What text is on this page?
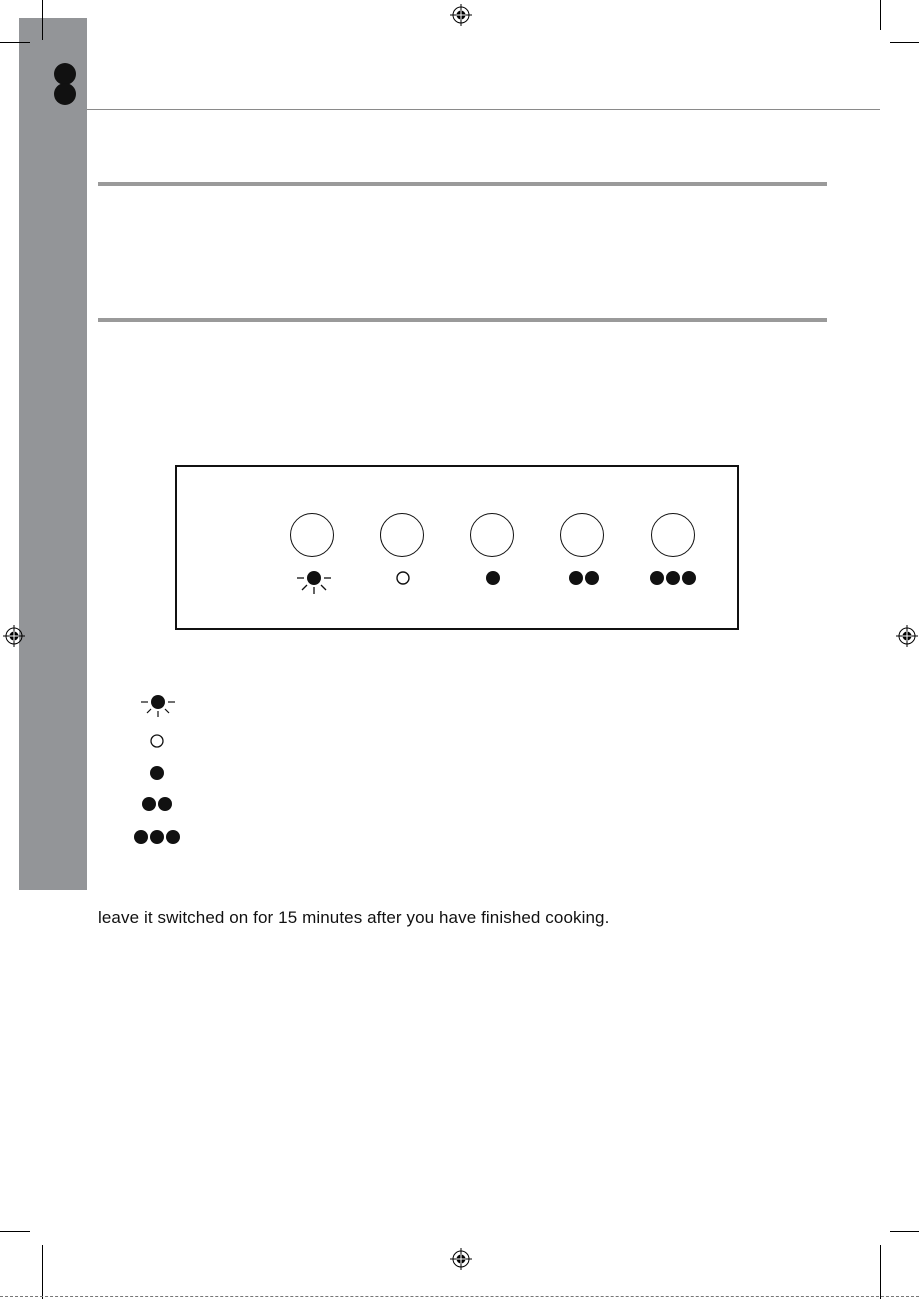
leave it switched on for 15 minutes after you have finished cooking.
